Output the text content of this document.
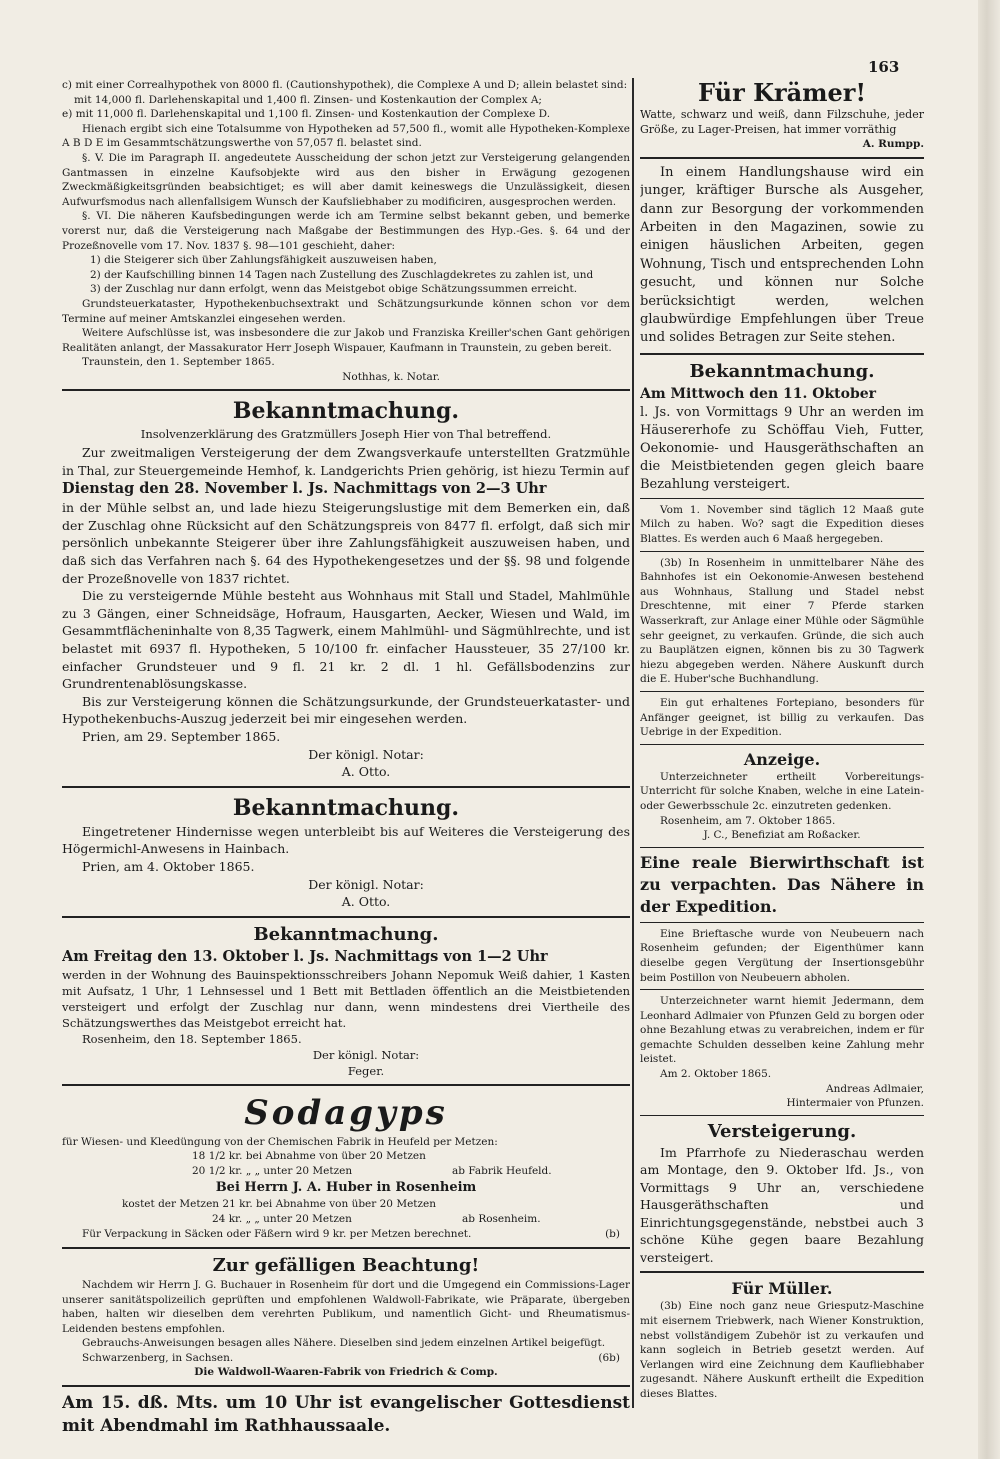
163

c) mit einer Correalhypothek von 8000 fl. (Cautionshypothek), die Complexe A und D; allein belastet sind:

mit 14,000 fl. Darlehenskapital und 1,400 fl. Zinsen- und Kostenkaution der Complex A;

e) mit 11,000 fl. Darlehenskapital und 1,100 fl. Zinsen- und Kostenkaution der Complexe D.

Hienach ergibt sich eine Totalsumme von Hypotheken ad 57,500 fl., womit alle Hypotheken-Komplexe A B D E im Gesammtschätzungswerthe von 57,057 fl. belastet sind.

§. V. Die im Paragraph II. angedeutete Ausscheidung der schon jetzt zur Versteigerung gelangenden Gantmassen in einzelne Kaufsobjekte wird aus den bisher in Erwägung gezogenen Zweckmäßigkeitsgründen beabsichtiget; es will aber damit keineswegs die Unzulässigkeit, diesen Aufwurfsmodus nach allenfallsigem Wunsch der Kaufsliebhaber zu modificiren, ausgesprochen werden.

§. VI. Die näheren Kaufsbedingungen werde ich am Termine selbst bekannt geben, und bemerke vorerst nur, daß die Versteigerung nach Maßgabe der Bestimmungen des Hyp.-Ges. §. 64 und der Prozeßnovelle vom 17. Nov. 1837 §. 98—101 geschieht, daher:

1) die Steigerer sich über Zahlungsfähigkeit auszuweisen haben,

2) der Kaufschilling binnen 14 Tagen nach Zustellung des Zuschlagdekretes zu zahlen ist, und

3) der Zuschlag nur dann erfolgt, wenn das Meistgebot obige Schätzungssummen erreicht.

Grundsteuerkataster, Hypothekenbuchsextrakt und Schätzungsurkunde können schon vor dem Termine auf meiner Amtskanzlei eingesehen werden.

Weitere Aufschlüsse ist, was insbesondere die zur Jakob und Franziska Kreiller'schen Gant gehörigen Realitäten anlangt, der Massakurator Herr Joseph Wispauer, Kaufmann in Traunstein, zu geben bereit.

Traunstein, den 1. September 1865.

Nothhas, k. Notar.

Bekanntmachung.

Insolvenzerklärung des Gratzmüllers Joseph Hier von Thal betreffend.

Zur zweitmaligen Versteigerung der dem Zwangsverkaufe unterstellten Gratzmühle in Thal, zur Steuergemeinde Hemhof, k. Landgerichts Prien gehörig, ist hiezu Termin auf

Dienstag den 28. November l. Js. Nachmittags von 2—3 Uhr

in der Mühle selbst an, und lade hiezu Steigerungslustige mit dem Bemerken ein, daß der Zuschlag ohne Rücksicht auf den Schätzungspreis von 8477 fl. erfolgt, daß sich mir persönlich unbekannte Steigerer über ihre Zahlungsfähigkeit auszuweisen haben, und daß sich das Verfahren nach §. 64 des Hypothekengesetzes und der §§. 98 und folgende der Prozeßnovelle von 1837 richtet.

Die zu versteigernde Mühle besteht aus Wohnhaus mit Stall und Stadel, Mahlmühle zu 3 Gängen, einer Schneidsäge, Hofraum, Hausgarten, Aecker, Wiesen und Wald, im Gesammtflächeninhalte von 8,35 Tagwerk, einem Mahlmühl- und Sägmühlrechte, und ist belastet mit 6937 fl. Hypotheken, 5 10/100 fr. einfacher Haussteuer, 35 27/100 kr. einfacher Grundsteuer und 9 fl. 21 kr. 2 dl. 1 hl. Gefällsbodenzins zur Grundrentenablösungskasse.

Bis zur Versteigerung können die Schätzungsurkunde, der Grundsteuerkataster- und Hypothekenbuchs-Auszug jederzeit bei mir eingesehen werden.

Prien, am 29. September 1865.

Der königl. Notar:

A. Otto.

Bekanntmachung.

Eingetretener Hindernisse wegen unterbleibt bis auf Weiteres die Versteigerung des Högermichl-Anwesens in Hainbach.

Prien, am 4. Oktober 1865.

Der königl. Notar:

A. Otto.

Bekanntmachung.

Am Freitag den 13. Oktober l. Js. Nachmittags von 1—2 Uhr

werden in der Wohnung des Bauinspektionsschreibers Johann Nepomuk Weiß dahier, 1 Kasten mit Aufsatz, 1 Uhr, 1 Lehnsessel und 1 Bett mit Bettladen öffentlich an die Meistbietenden versteigert und erfolgt der Zuschlag nur dann, wenn mindestens drei Viertheile des Schätzungswerthes das Meistgebot erreicht hat.

Rosenheim, den 18. September 1865.

Der königl. Notar:

Feger.

Sodagyps

für Wiesen- und Kleedüngung von der Chemischen Fabrik in Heufeld per Metzen:

18 1/2 kr. bei Abnahme von über 20 Metzen
20 1/2 kr. „ „ unter 20 Metzen	ab Fabrik Heufeld.

Bei Herrn J. A. Huber in Rosenheim

kostet der Metzen 21 kr. bei Abnahme von über 20 Metzen
24 kr. „ „ unter 20 Metzen	ab Rosenheim.

Für Verpackung in Säcken oder Fäßern wird 9 kr. per Metzen berechnet.	(b)

Zur gefälligen Beachtung!

Nachdem wir Herrn J. G. Buchauer in Rosenheim für dort und die Umgegend ein Commissions-Lager unserer sanitätspolizeilich geprüften und empfohlenen Waldwoll-Fabrikate, wie Präparate, übergeben haben, halten wir dieselben dem verehrten Publikum, und namentlich Gicht- und Rheumatismus-Leidenden bestens empfohlen.

Gebrauchs-Anweisungen besagen alles Nähere. Dieselben sind jedem einzelnen Artikel beigefügt.

Schwarzenberg, in Sachsen.	(6b)

Die Waldwoll-Waaren-Fabrik von Friedrich & Comp.

Am 15. dß. Mts. um 10 Uhr ist evangelischer Gottesdienst mit Abendmahl im Rathhaussaale.

Für Krämer!

Watte, schwarz und weiß, dann Filzschuhe, jeder Größe, zu Lager-Preisen, hat immer vorräthig

A. Rumpp.

In einem Handlungshause wird ein junger, kräftiger Bursche als Ausgeher, dann zur Besorgung der vorkommenden Arbeiten in den Magazinen, sowie zu einigen häuslichen Arbeiten, gegen Wohnung, Tisch und entsprechenden Lohn gesucht, und können nur Solche berücksichtigt werden, welchen glaubwürdige Empfehlungen über Treue und solides Betragen zur Seite stehen.

Bekanntmachung.

Am Mittwoch den 11. Oktober

l. Js. von Vormittags 9 Uhr an werden im Häusererhofe zu Schöffau Vieh, Futter, Oekonomie- und Hausgeräthschaften an die Meistbietenden gegen gleich baare Bezahlung versteigert.

Vom 1. November sind täglich 12 Maaß gute Milch zu haben. Wo? sagt die Expedition dieses Blattes. Es werden auch 6 Maaß hergegeben.

(3b) In Rosenheim in unmittelbarer Nähe des Bahnhofes ist ein Oekonomie-Anwesen bestehend aus Wohnhaus, Stallung und Stadel nebst Dreschtenne, mit einer 7 Pferde starken Wasserkraft, zur Anlage einer Mühle oder Sägmühle sehr geeignet, zu verkaufen. Gründe, die sich auch zu Bauplätzen eignen, können bis zu 30 Tagwerk hiezu abgegeben werden. Nähere Auskunft durch die E. Huber'sche Buchhandlung.

Ein gut erhaltenes Fortepiano, besonders für Anfänger geeignet, ist billig zu verkaufen. Das Uebrige in der Expedition.

Anzeige.

Unterzeichneter ertheilt Vorbereitungs-Unterricht für solche Knaben, welche in eine Latein- oder Gewerbsschule 2c. einzutreten gedenken.

Rosenheim, am 7. Oktober 1865.

J. C., Benefiziat am Roßacker.

Eine reale Bierwirthschaft ist zu verpachten. Das Nähere in der Expedition.

Eine Brieftasche wurde von Neubeuern nach Rosenheim gefunden; der Eigenthümer kann dieselbe gegen Vergütung der Insertionsgebühr beim Postillon von Neubeuern abholen.

Unterzeichneter warnt hiemit Jedermann, dem Leonhard Adlmaier von Pfunzen Geld zu borgen oder ohne Bezahlung etwas zu verabreichen, indem er für gemachte Schulden desselben keine Zahlung mehr leistet.

Am 2. Oktober 1865.

Andreas Adlmaier,

Hintermaier von Pfunzen.

Versteigerung.

Im Pfarrhofe zu Niederaschau werden am Montage, den 9. Oktober lfd. Js., von Vormittags 9 Uhr an, verschiedene Hausgeräthschaften und Einrichtungsgegenstände, nebstbei auch 3 schöne Kühe gegen baare Bezahlung versteigert.

Für Müller.

(3b) Eine noch ganz neue Griesputz-Maschine mit eisernem Triebwerk, nach Wiener Konstruktion, nebst vollständigem Zubehör ist zu verkaufen und kann sogleich in Betrieb gesetzt werden. Auf Verlangen wird eine Zeichnung dem Kaufliebhaber zugesandt. Nähere Auskunft ertheilt die Expedition dieses Blattes.
